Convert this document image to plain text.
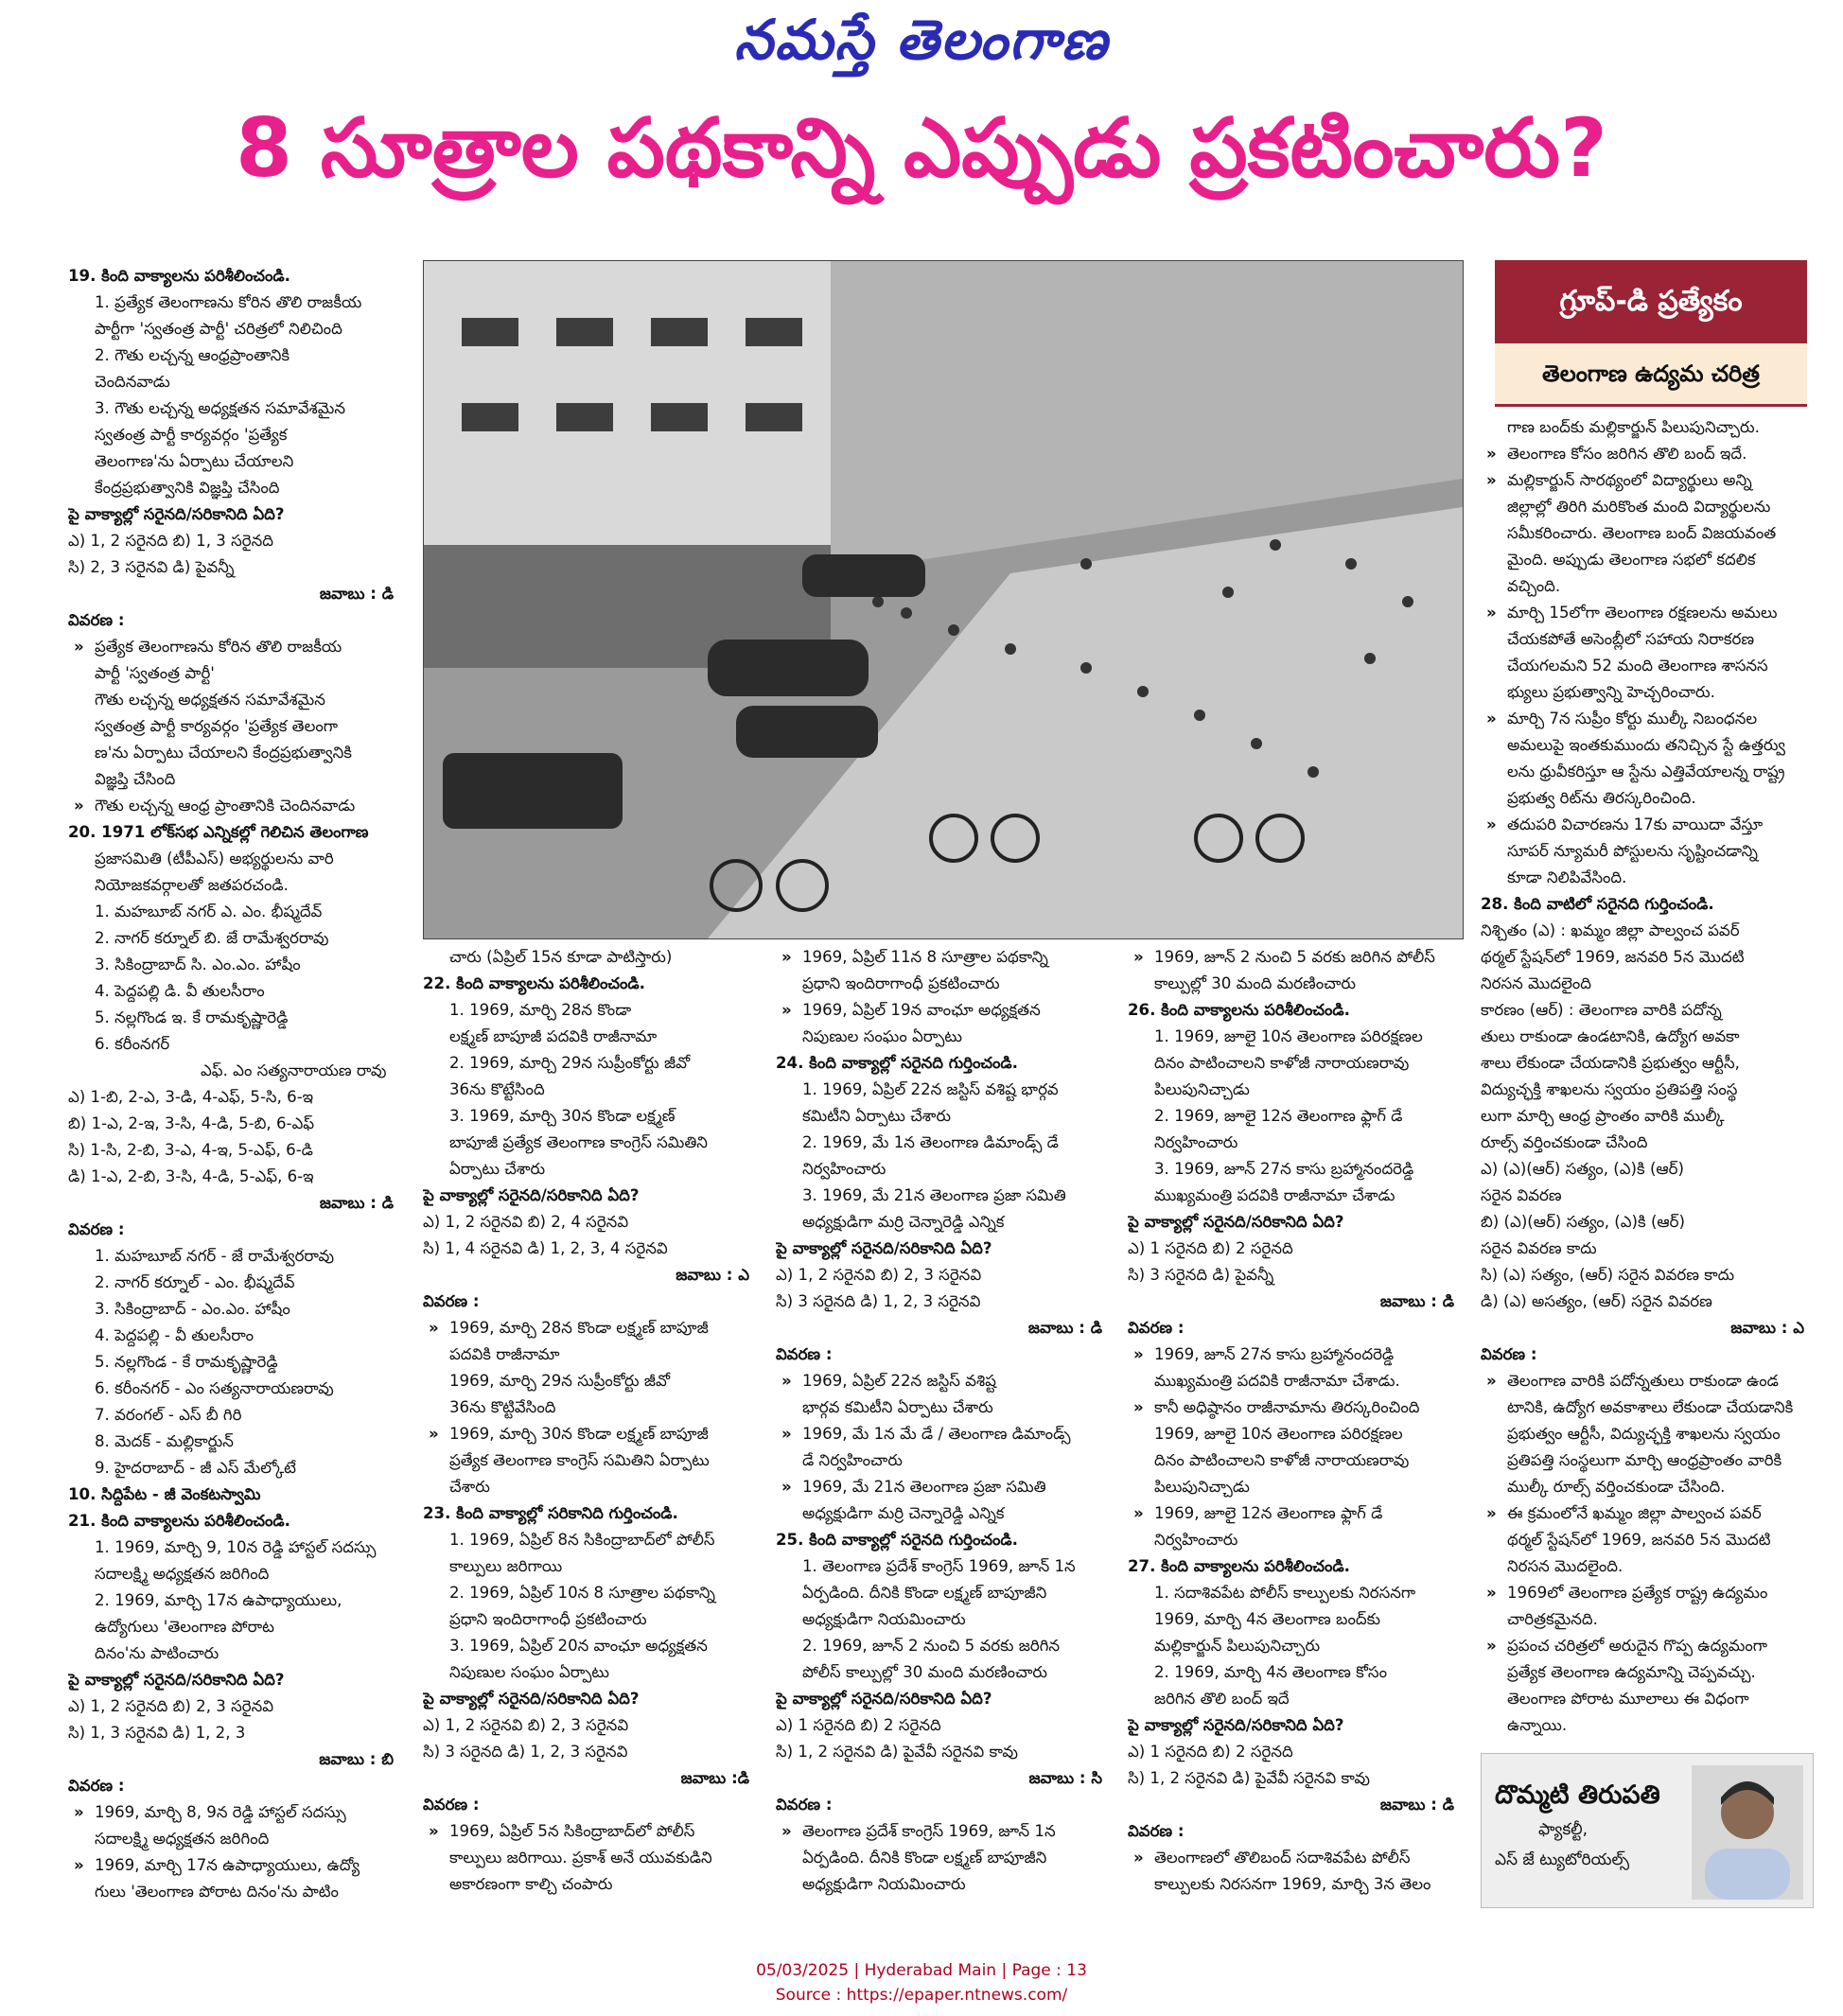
నమస్తే తెలంగాణ
8 సూత్రాల పథకాన్ని ఎప్పుడు ప్రకటించారు?
19. కింది వాక్యాలను పరిశీలించండి.
1. ప్రత్యేక తెలంగాణను కోరిన తొలి రాజకీయ
పార్టీగా 'స్వతంత్ర పార్టీ' చరిత్రలో నిలిచింది
2. గౌతు లచ్చన్న ఆంధ్రప్రాంతానికి
చెందినవాడు
3. గౌతు లచ్చన్న అధ్యక్షతన సమావేశమైన
స్వతంత్ర పార్టీ కార్యవర్గం 'ప్రత్యేక
తెలంగాణ'ను ఏర్పాటు చేయాలని
కేంద్రప్రభుత్వానికి విజ్ఞప్తి చేసింది
పై వాక్యాల్లో సరైనది/సరికానిది ఏది?
ఎ) 1, 2 సరైనది బి) 1, 3 సరైనది
సి) 2, 3 సరైనవి డి) పైవన్నీ
జవాబు : డి
వివరణ :
» ప్రత్యేక తెలంగాణను కోరిన తొలి రాజకీయ
పార్టీ 'స్వతంత్ర పార్టీ'
గౌతు లచ్చన్న అధ్యక్షతన సమావేశమైన
స్వతంత్ర పార్టీ కార్యవర్గం 'ప్రత్యేక తెలంగా
ణ'ను ఏర్పాటు చేయాలని కేంద్రప్రభుత్వానికి
విజ్ఞప్తి చేసింది
» గౌతు లచ్చన్న ఆంధ్ర ప్రాంతానికి చెందినవాడు
20. 1971 లోక్‌సభ ఎన్నికల్లో గెలిచిన తెలంగాణ
ప్రజాసమితి (టీపీఎస్) అభ్యర్థులను వారి
నియోజకవర్గాలతో జతపరచండి.
1. మహబూబ్ నగర్ ఎ. ఎం. భీష్మదేవ్
2. నాగర్ కర్నూల్ బి. జే రామేశ్వరరావు
3. సికింద్రాబాద్ సి. ఎం.ఎం. హాషీం
4. పెద్దపల్లి డి. వీ తులసీరాం
5. నల్లగొండ ఇ. కే రామకృష్ణారెడ్డి
6. కరీంనగర్
ఎఫ్. ఎం సత్యనారాయణ రావు
ఎ) 1-బి, 2-ఎ, 3-డి, 4-ఎఫ్, 5-సి, 6-ఇ
బి) 1-ఎ, 2-ఇ, 3-సి, 4-డి, 5-బి, 6-ఎఫ్
సి) 1-సి, 2-బి, 3-ఎ, 4-ఇ, 5-ఎఫ్, 6-డి
డి) 1-ఎ, 2-బి, 3-సి, 4-డి, 5-ఎఫ్, 6-ఇ
జవాబు : డి
వివరణ :
1. మహబూబ్ నగర్ - జే రామేశ్వరరావు
2. నాగర్ కర్నూల్ - ఎం. భీష్మదేవ్
3. సికింద్రాబాద్ - ఎం.ఎం. హాషీం
4. పెద్దపల్లి - వీ తులసీరాం
5. నల్లగొండ - కే రామకృష్ణారెడ్డి
6. కరీంనగర్ - ఎం సత్యనారాయణరావు
7. వరంగల్ - ఎస్ బీ గిరి
8. మెదక్ - మల్లికార్జున్
9. హైదరాబాద్ - జీ ఎస్ మేల్కోటే
10. సిద్దిపేట - జీ వెంకటస్వామి
21. కింది వాక్యాలను పరిశీలించండి.
1. 1969, మార్చి 9, 10న రెడ్డి హాస్టల్ సదస్సు
సదాలక్ష్మి అధ్యక్షతన జరిగింది
2. 1969, మార్చి 17న ఉపాధ్యాయులు,
ఉద్యోగులు 'తెలంగాణ పోరాట
దినం'ను పాటించారు
పై వాక్యాల్లో సరైనది/సరికానిది ఏది?
ఎ) 1, 2 సరైనది బి) 2, 3 సరైనవి
సి) 1, 3 సరైనవి డి) 1, 2, 3
జవాబు : బి
వివరణ :
» 1969, మార్చి 8, 9న రెడ్డి హాస్టల్ సదస్సు
సదాలక్ష్మి అధ్యక్షతన జరిగింది
» 1969, మార్చి 17న ఉపాధ్యాయులు, ఉద్యో
గులు 'తెలంగాణ పోరాట దినం'ను పాటిం
చారు (ఏప్రిల్ 15న కూడా పాటిస్తారు)
22. కింది వాక్యాలను పరిశీలించండి.
1. 1969, మార్చి 28న కొండా
లక్ష్మణ్ బాపూజీ పదవికి రాజీనామా
2. 1969, మార్చి 29న సుప్రీంకోర్టు జీవో
36ను కొట్టేసింది
3. 1969, మార్చి 30న కొండా లక్ష్మణ్
బాపూజీ ప్రత్యేక తెలంగాణ కాంగ్రెస్ సమితిని
ఏర్పాటు చేశారు
పై వాక్యాల్లో సరైనది/సరికానిది ఏది?
ఎ) 1, 2 సరైనవి బి) 2, 4 సరైనవి
సి) 1, 4 సరైనవి డి) 1, 2, 3, 4 సరైనవి
జవాబు : ఎ
వివరణ :
» 1969, మార్చి 28న కొండా లక్ష్మణ్ బాపూజీ
పదవికి రాజీనామా
1969, మార్చి 29న సుప్రీంకోర్టు జీవో
36ను కొట్టివేసింది
» 1969, మార్చి 30న కొండా లక్ష్మణ్ బాపూజీ
ప్రత్యేక తెలంగాణ కాంగ్రెస్ సమితిని ఏర్పాటు
చేశారు
23. కింది వాక్యాల్లో సరికానిది గుర్తించండి.
1. 1969, ఏప్రిల్ 8న సికింద్రాబాద్‌లో పోలీస్
కాల్పులు జరిగాయి
2. 1969, ఏప్రిల్ 10న 8 సూత్రాల పథకాన్ని
ప్రధాని ఇందిరాగాంధీ ప్రకటించారు
3. 1969, ఏప్రిల్ 20న వాంఛూ అధ్యక్షతన
నిపుణుల సంఘం ఏర్పాటు
పై వాక్యాల్లో సరైనది/సరికానిది ఏది?
ఎ) 1, 2 సరైనవి బి) 2, 3 సరైనవి
సి) 3 సరైనది డి) 1, 2, 3 సరైనవి
జవాబు :డి
వివరణ :
» 1969, ఏప్రిల్ 5న సికింద్రాబాద్‌లో పోలీస్
కాల్పులు జరిగాయి. ప్రకాశ్ అనే యువకుడిని
అకారణంగా కాల్చి చంపారు
» 1969, ఏప్రిల్ 11న 8 సూత్రాల పథకాన్ని
ప్రధాని ఇందిరాగాంధీ ప్రకటించారు
» 1969, ఏప్రిల్ 19న వాంఛూ అధ్యక్షతన
నిపుణుల సంఘం ఏర్పాటు
24. కింది వాక్యాల్లో సరైనది గుర్తించండి.
1. 1969, ఏప్రిల్ 22న జస్టిస్ వశిష్ట భార్గవ
కమిటీని ఏర్పాటు చేశారు
2. 1969, మే 1న తెలంగాణ డిమాండ్స్ డే
నిర్వహించారు
3. 1969, మే 21న తెలంగాణ ప్రజా సమితి
అధ్యక్షుడిగా మర్రి చెన్నారెడ్డి ఎన్నిక
పై వాక్యాల్లో సరైనది/సరికానిది ఏది?
ఎ) 1, 2 సరైనవి బి) 2, 3 సరైనవి
సి) 3 సరైనది డి) 1, 2, 3 సరైనవి
జవాబు : డి
వివరణ :
» 1969, ఏప్రిల్ 22న జస్టిస్ వశిష్ట
భార్గవ కమిటీని ఏర్పాటు చేశారు
» 1969, మే 1న మే డే / తెలంగాణ డిమాండ్స్
డే నిర్వహించారు
» 1969, మే 21న తెలంగాణ ప్రజా సమితి
అధ్యక్షుడిగా మర్రి చెన్నారెడ్డి ఎన్నిక
25. కింది వాక్యాల్లో సరైనది గుర్తించండి.
1. తెలంగాణ ప్రదేశ్ కాంగ్రెస్ 1969, జూన్ 1న
ఏర్పడింది. దీనికి కొండా లక్ష్మణ్ బాపూజీని
అధ్యక్షుడిగా నియమించారు
2. 1969, జూన్ 2 నుంచి 5 వరకు జరిగిన
పోలీస్ కాల్పుల్లో 30 మంది మరణించారు
పై వాక్యాల్లో సరైనది/సరికానిది ఏది?
ఎ) 1 సరైనది బి) 2 సరైనది
సి) 1, 2 సరైనవి డి) పైవేవీ సరైనవి కావు
జవాబు : సి
వివరణ :
» తెలంగాణ ప్రదేశ్ కాంగ్రెస్ 1969, జూన్ 1న
ఏర్పడింది. దీనికి కొండా లక్ష్మణ్ బాపూజీని
అధ్యక్షుడిగా నియమించారు
» 1969, జూన్ 2 నుంచి 5 వరకు జరిగిన పోలీస్
కాల్పుల్లో 30 మంది మరణించారు
26. కింది వాక్యాలను పరిశీలించండి.
1. 1969, జూలై 10న తెలంగాణ పరిరక్షణల
దినం పాటించాలని కాళోజీ నారాయణరావు
పిలుపునిచ్చాడు
2. 1969, జూలై 12న తెలంగాణ ఫ్లాగ్ డే
నిర్వహించారు
3. 1969, జూన్ 27న కాసు బ్రహ్మానందరెడ్డి
ముఖ్యమంత్రి పదవికి రాజీనామా చేశాడు
పై వాక్యాల్లో సరైనది/సరికానిది ఏది?
ఎ) 1 సరైనది బి) 2 సరైనది
సి) 3 సరైనది డి) పైవన్నీ
జవాబు : డి
వివరణ :
» 1969, జూన్ 27న కాసు బ్రహ్మానందరెడ్డి
ముఖ్యమంత్రి పదవికి రాజీనామా చేశాడు.
» కానీ అధిష్ఠానం రాజీనామాను తిరస్కరించింది
1969, జూలై 10న తెలంగాణ పరిరక్షణల
దినం పాటించాలని కాళోజీ నారాయణరావు
పిలుపునిచ్చాడు
» 1969, జూలై 12న తెలంగాణ ఫ్లాగ్ డే
నిర్వహించారు
27. కింది వాక్యాలను పరిశీలించండి.
1. సదాశివపేట పోలీస్ కాల్పులకు నిరసనగా
1969, మార్చి 4న తెలంగాణ బంద్‌కు
మల్లికార్జున్ పిలుపునిచ్చారు
2. 1969, మార్చి 4న తెలంగాణ కోసం
జరిగిన తొలి బంద్ ఇదే
పై వాక్యాల్లో సరైనది/సరికానిది ఏది?
ఎ) 1 సరైనది బి) 2 సరైనది
సి) 1, 2 సరైనవి డి) పైవేవీ సరైనవి కావు
జవాబు : డి
వివరణ :
» తెలంగాణలో తొలిబంద్ సదాశివపేట పోలీస్
కాల్పులకు నిరసనగా 1969, మార్చి 3న తెలం
గ్రూప్-డి ప్రత్యేకం
తెలంగాణ ఉద్యమ చరిత్ర
గాణ బంద్‌కు మల్లికార్జున్ పిలుపునిచ్చారు.
» తెలంగాణ కోసం జరిగిన తొలి బంద్ ఇదే.
» మల్లికార్జున్ సారథ్యంలో విద్యార్థులు అన్ని
జిల్లాల్లో తిరిగి మరికొంత మంది విద్యార్థులను
సమీకరించారు. తెలంగాణ బంద్ విజయవంత
మైంది. అప్పుడు తెలంగాణ సభలో కదలిక
వచ్చింది.
» మార్చి 15లోగా తెలంగాణ రక్షణలను అమలు
చేయకపోతే అసెంబ్లీలో సహాయ నిరాకరణ
చేయగలమని 52 మంది తెలంగాణ శాసనస
భ్యులు ప్రభుత్వాన్ని హెచ్చరించారు.
» మార్చి 7న సుప్రీం కోర్టు ముల్కీ నిబంధనల
అమలుపై ఇంతకుముందు తనిచ్చిన స్టే ఉత్తర్వు
లను ధ్రువీకరిస్తూ ఆ స్టేను ఎత్తివేయాలన్న రాష్ట్ర
ప్రభుత్వ రిట్‌ను తిరస్కరించింది.
» తదుపరి విచారణను 17కు వాయిదా వేస్తూ
సూపర్ న్యూమరీ పోస్టులను సృష్టించడాన్ని
కూడా నిలిపివేసింది.
28. కింది వాటిలో సరైనది గుర్తించండి.
నిశ్చితం (ఎ) : ఖమ్మం జిల్లా పాల్వంచ పవర్
థర్మల్ స్టేషన్‌లో 1969, జనవరి 5న మొదటి
నిరసన మొదలైంది
కారణం (ఆర్) : తెలంగాణ వారికి పదోన్న
తులు రాకుండా ఉండటానికి, ఉద్యోగ అవకా
శాలు లేకుండా చేయడానికి ప్రభుత్వం ఆర్టీసీ,
విద్యుచ్ఛక్తి శాఖలను స్వయం ప్రతిపత్తి సంస్థ
లుగా మార్చి ఆంధ్ర ప్రాంతం వారికి ముల్కీ
రూల్స్ వర్తించకుండా చేసింది
ఎ) (ఎ)(ఆర్) సత్యం, (ఎ)కి (ఆర్)
సరైన వివరణ
బి) (ఎ)(ఆర్) సత్యం, (ఎ)కి (ఆర్)
సరైన వివరణ కాదు
సి) (ఎ) సత్యం, (ఆర్) సరైన వివరణ కాదు
డి) (ఎ) అసత్యం, (ఆర్) సరైన వివరణ
జవాబు : ఎ
వివరణ :
» తెలంగాణ వారికి పదోన్నతులు రాకుండా ఉండ
టానికి, ఉద్యోగ అవకాశాలు లేకుండా చేయడానికి
ప్రభుత్వం ఆర్టీసీ, విద్యుచ్ఛక్తి శాఖలను స్వయం
ప్రతిపత్తి సంస్థలుగా మార్చి ఆంధ్రప్రాంతం వారికి
ముల్కీ రూల్స్ వర్తించకుండా చేసింది.
» ఈ క్రమంలోనే ఖమ్మం జిల్లా పాల్వంచ పవర్
థర్మల్ స్టేషన్‌లో 1969, జనవరి 5న మొదటి
నిరసన మొదలైంది.
» 1969లో తెలంగాణ ప్రత్యేక రాష్ట్ర ఉద్యమం
చారిత్రకమైనది.
» ప్రపంచ చరిత్రలో అరుదైన గొప్ప ఉద్యమంగా
ప్రత్యేక తెలంగాణ ఉద్యమాన్ని చెప్పవచ్చు.
తెలంగాణ పోరాట మూలాలు ఈ విధంగా
ఉన్నాయి.
దొమ్మటి తిరుపతి
ఫ్యాకల్టీ,
ఎస్ జే ట్యుటోరియల్స్
05/03/2025 | Hyderabad Main | Page : 13
Source : https://epaper.ntnews.com/
